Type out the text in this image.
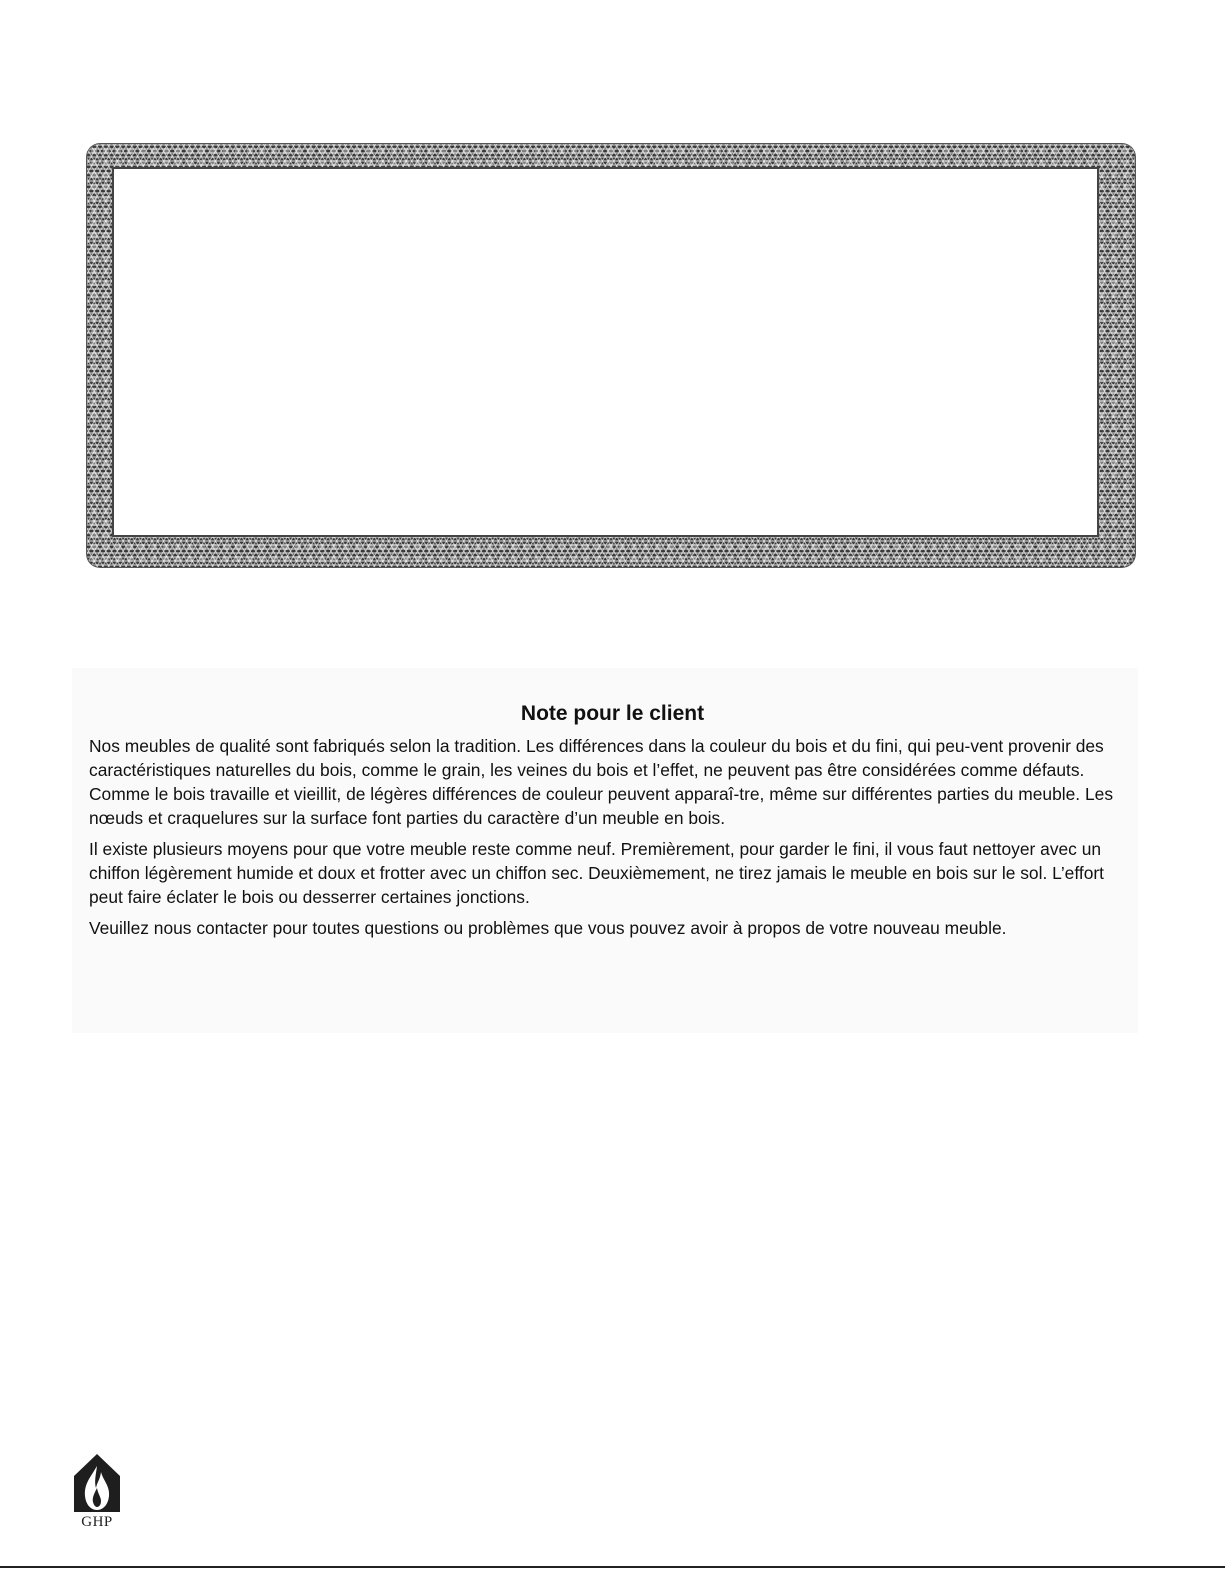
Note pour le client

Nos meubles de qualité sont fabriqués selon la tradition. Les différences dans la couleur du bois et du fini, qui peu-vent provenir des caractéristiques naturelles du bois, comme le grain, les veines du bois et l’effet, ne peuvent pas être considérées comme défauts. Comme le bois travaille et vieillit, de légères différences de couleur peuvent apparaî-tre, même sur différentes parties du meuble. Les nœuds et craquelures sur la surface font parties du caractère d’un meuble en bois.

Il existe plusieurs moyens pour que votre meuble reste comme neuf. Premièrement, pour garder le fini, il vous faut nettoyer avec un chiffon légèrement humide et doux et frotter avec un chiffon sec. Deuxièmement, ne tirez jamais le meuble en bois sur le sol. L’effort peut faire éclater le bois ou desserrer certaines jonctions.

Veuillez nous contacter pour toutes questions ou problèmes que vous pouvez avoir à propos de votre nouveau meuble.

GHP
